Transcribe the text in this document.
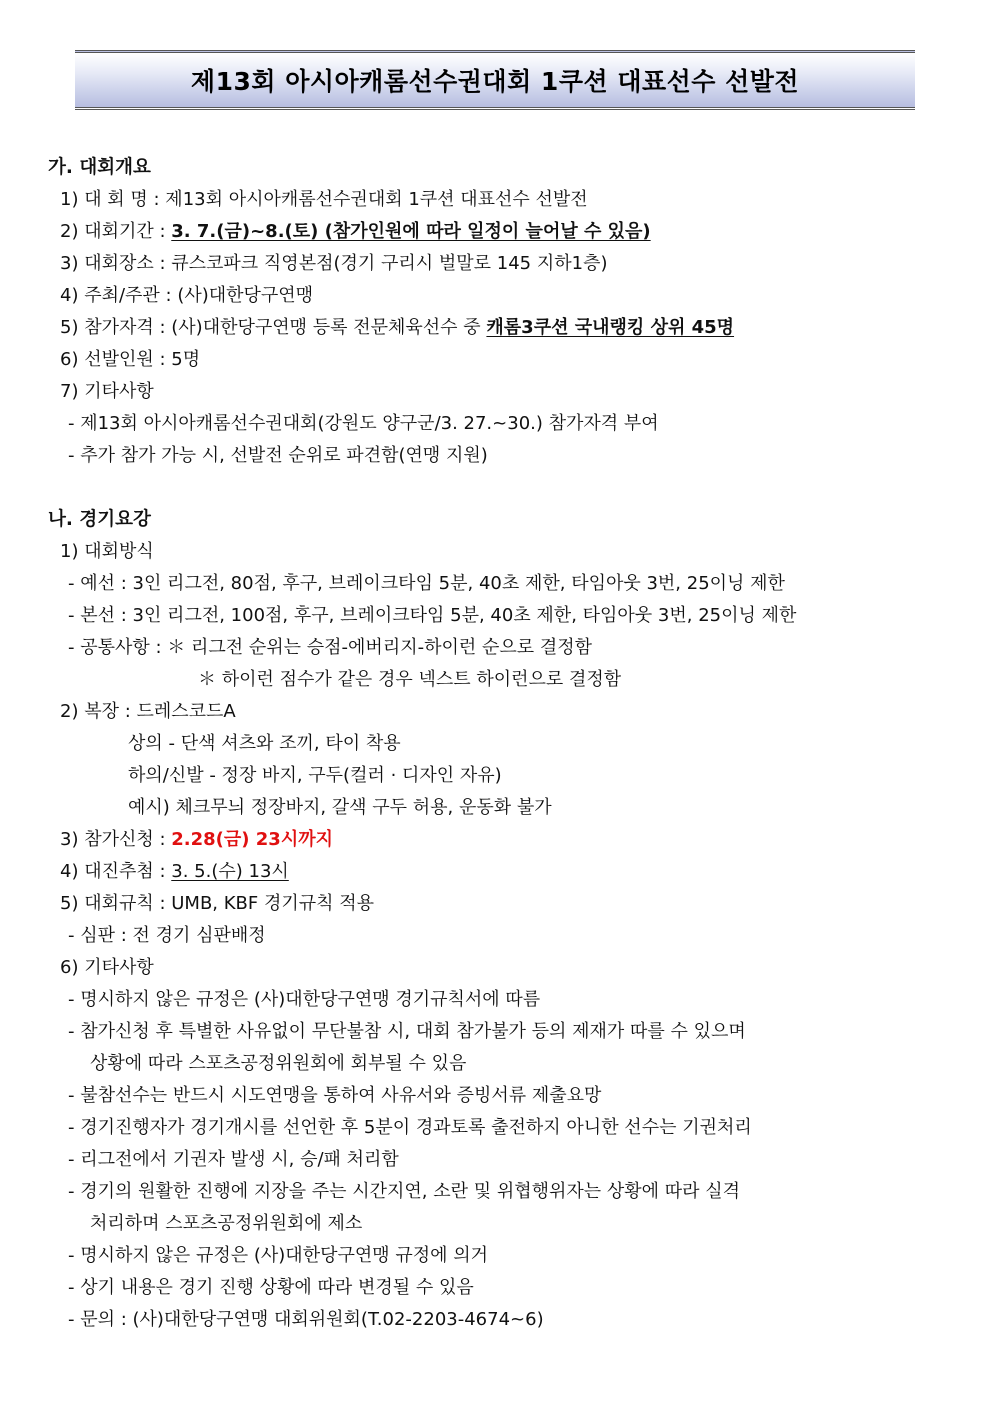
제13회 아시아캐롬선수권대회 1쿠션 대표선수 선발전
가. 대회개요
1) 대 회 명 : 제13회 아시아캐롬선수권대회 1쿠션 대표선수 선발전
2) 대회기간 : 3. 7.(금)~8.(토) (참가인원에 따라 일정이 늘어날 수 있음)
3) 대회장소 : 큐스코파크 직영본점(경기 구리시 벌말로 145 지하1층)
4) 주최/주관 : (사)대한당구연맹
5) 참가자격 : (사)대한당구연맹 등록 전문체육선수 중 캐롬3쿠션 국내랭킹 상위 45명
6) 선발인원 : 5명
7) 기타사항
- 제13회 아시아캐롬선수권대회(강원도 양구군/3. 27.~30.) 참가자격 부여
- 추가 참가 가능 시, 선발전 순위로 파견함(연맹 지원)
나. 경기요강
1) 대회방식
- 예선 : 3인 리그전, 80점, 후구, 브레이크타임 5분, 40초 제한, 타임아웃 3번, 25이닝 제한
- 본선 : 3인 리그전, 100점, 후구, 브레이크타임 5분, 40초 제한, 타임아웃 3번, 25이닝 제한
- 공통사항 : ＊ 리그전 순위는 승점-에버리지-하이런 순으로 결정함
＊ 하이런 점수가 같은 경우 넥스트 하이런으로 결정함
2) 복장 : 드레스코드A
상의 - 단색 셔츠와 조끼, 타이 착용
하의/신발 - 정장 바지, 구두(컬러 · 디자인 자유)
예시) 체크무늬 정장바지, 갈색 구두 허용, 운동화 불가
3) 참가신청 : 2.28(금) 23시까지
4) 대진추첨 : 3. 5.(수) 13시
5) 대회규칙 : UMB, KBF 경기규칙 적용
- 심판 : 전 경기 심판배정
6) 기타사항
- 명시하지 않은 규정은 (사)대한당구연맹 경기규칙서에 따름
- 참가신청 후 특별한 사유없이 무단불참 시, 대회 참가불가 등의 제재가 따를 수 있으며
상황에 따라 스포츠공정위원회에 회부될 수 있음
- 불참선수는 반드시 시도연맹을 통하여 사유서와 증빙서류 제출요망
- 경기진행자가 경기개시를 선언한 후 5분이 경과토록 출전하지 아니한 선수는 기권처리
- 리그전에서 기권자 발생 시, 승/패 처리함
- 경기의 원활한 진행에 지장을 주는 시간지연, 소란 및 위협행위자는 상황에 따라 실격
처리하며 스포츠공정위원회에 제소
- 명시하지 않은 규정은 (사)대한당구연맹 규정에 의거
- 상기 내용은 경기 진행 상황에 따라 변경될 수 있음
- 문의 : (사)대한당구연맹 대회위원회(T.02-2203-4674~6)
